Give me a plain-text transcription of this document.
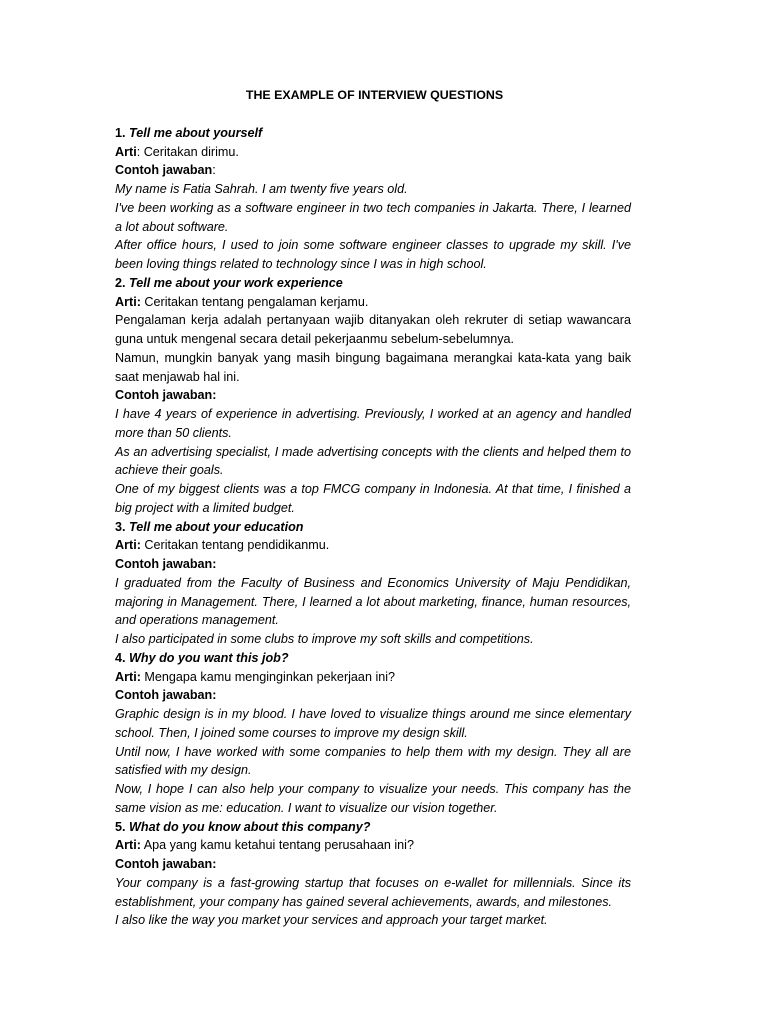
THE EXAMPLE OF INTERVIEW QUESTIONS

1. Tell me about yourself

Arti: Ceritakan dirimu.

Contoh jawaban:

My name is Fatia Sahrah. I am twenty five years old.

I've been working as a software engineer in two tech companies in Jakarta. There, I learned a lot about software.

After office hours, I used to join some software engineer classes to upgrade my skill. I've been loving things related to technology since I was in high school.

2. Tell me about your work experience

Arti: Ceritakan tentang pengalaman kerjamu.

Pengalaman kerja adalah pertanyaan wajib ditanyakan oleh rekruter di setiap wawancara guna untuk mengenal secara detail pekerjaanmu sebelum-sebelumnya.

Namun, mungkin banyak yang masih bingung bagaimana merangkai kata-kata yang baik saat menjawab hal ini.

Contoh jawaban:

I have 4 years of experience in advertising. Previously, I worked at an agency and handled more than 50 clients.

As an advertising specialist, I made advertising concepts with the clients and helped them to achieve their goals.

One of my biggest clients was a top FMCG company in Indonesia. At that time, I finished a big project with a limited budget.

3. Tell me about your education

Arti: Ceritakan tentang pendidikanmu.

Contoh jawaban:

I graduated from the Faculty of Business and Economics University of Maju Pendidikan, majoring in Management. There, I learned a lot about marketing, finance, human resources, and operations management.

I also participated in some clubs to improve my soft skills and competitions.

4. Why do you want this job?

Arti: Mengapa kamu menginginkan pekerjaan ini?

Contoh jawaban:

Graphic design is in my blood. I have loved to visualize things around me since elementary school. Then, I joined some courses to improve my design skill.

Until now, I have worked with some companies to help them with my design. They all are satisfied with my design.

Now, I hope I can also help your company to visualize your needs. This company has the same vision as me: education. I want to visualize our vision together.

5. What do you know about this company?

Arti: Apa yang kamu ketahui tentang perusahaan ini?

Contoh jawaban:

Your company is a fast-growing startup that focuses on e-wallet for millennials. Since its establishment, your company has gained several achievements, awards, and milestones.

I also like the way you market your services and approach your target market.
